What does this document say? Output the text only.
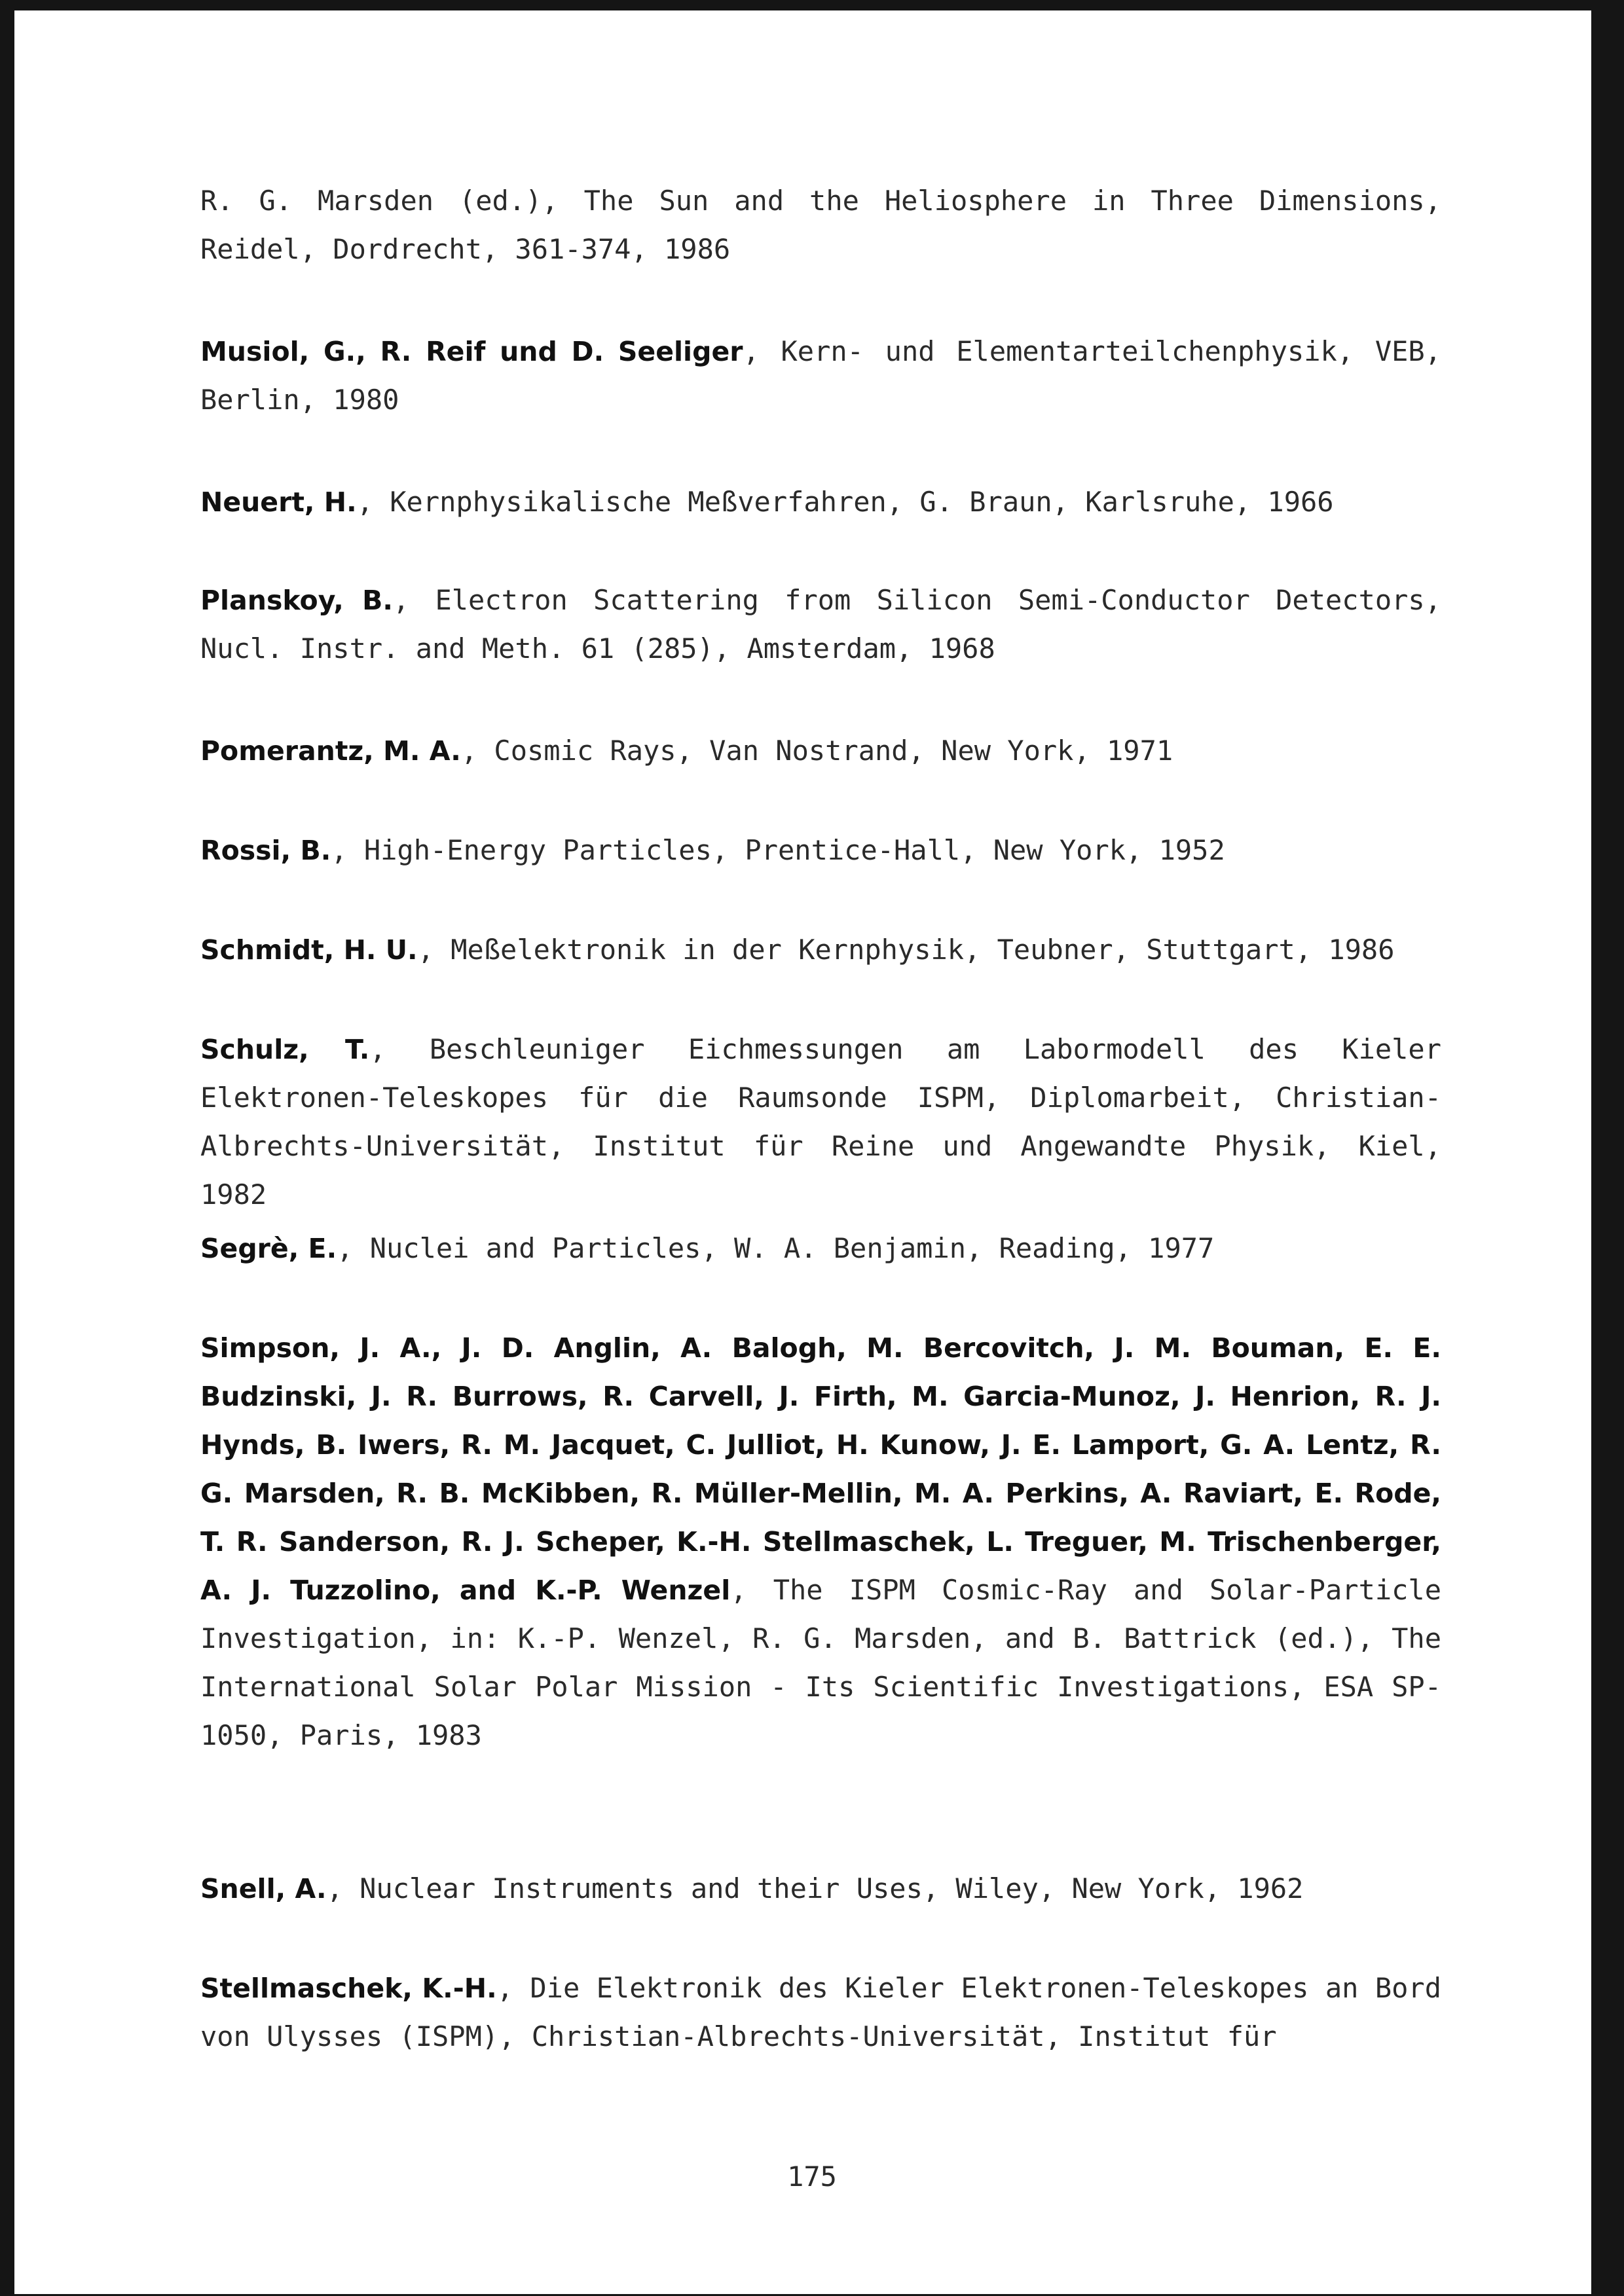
R. G. Marsden (ed.), The Sun and the Heliosphere in Three Dimensions, Reidel, Dordrecht, 361-374, 1986
Musiol, G., R. Reif und D. Seeliger, Kern- und Elementarteilchenphysik, VEB, Berlin, 1980
Neuert, H., Kernphysikalische Meßverfahren, G. Braun, Karlsruhe, 1966
Planskoy, B., Electron Scattering from Silicon Semi-Conductor Detectors, Nucl. Instr. and Meth. 61 (285), Amsterdam, 1968
Pomerantz, M. A., Cosmic Rays, Van Nostrand, New York, 1971
Rossi, B., High-Energy Particles, Prentice-Hall, New York, 1952
Schmidt, H. U., Meßelektronik in der Kernphysik, Teubner, Stuttgart, 1986
Schulz, T., Beschleuniger Eichmessungen am Labormodell des Kieler Elektronen-Teleskopes für die Raumsonde ISPM, Diplomarbeit, Christian-Albrechts-Universität, Institut für Reine und Angewandte Physik, Kiel, 1982
Segrè, E., Nuclei and Particles, W. A. Benjamin, Reading, 1977
Simpson, J. A., J. D. Anglin, A. Balogh, M. Bercovitch, J. M. Bouman, E. E. Budzinski, J. R. Burrows, R. Carvell, J. Firth, M. Garcia-Munoz, J. Henrion, R. J. Hynds, B. Iwers, R. M. Jacquet, C. Julliot, H. Kunow, J. E. Lamport, G. A. Lentz, R. G. Marsden, R. B. McKibben, R. Müller-Mellin, M. A. Perkins, A. Raviart, E. Rode, T. R. Sanderson, R. J. Scheper, K.-H. Stellmaschek, L. Treguer, M. Trischenberger, A. J. Tuzzolino, and K.-P. Wenzel, The ISPM Cosmic-Ray and Solar-Particle Investigation, in: K.-P. Wenzel, R. G. Marsden, and B. Battrick (ed.), The International Solar Polar Mission - Its Scientific Investigations, ESA SP-1050, Paris, 1983
Snell, A., Nuclear Instruments and their Uses, Wiley, New York, 1962
Stellmaschek, K.-H., Die Elektronik des Kieler Elektronen-Teleskopes an Bord von Ulysses (ISPM), Christian-Albrechts-Universität, Institut für
175
